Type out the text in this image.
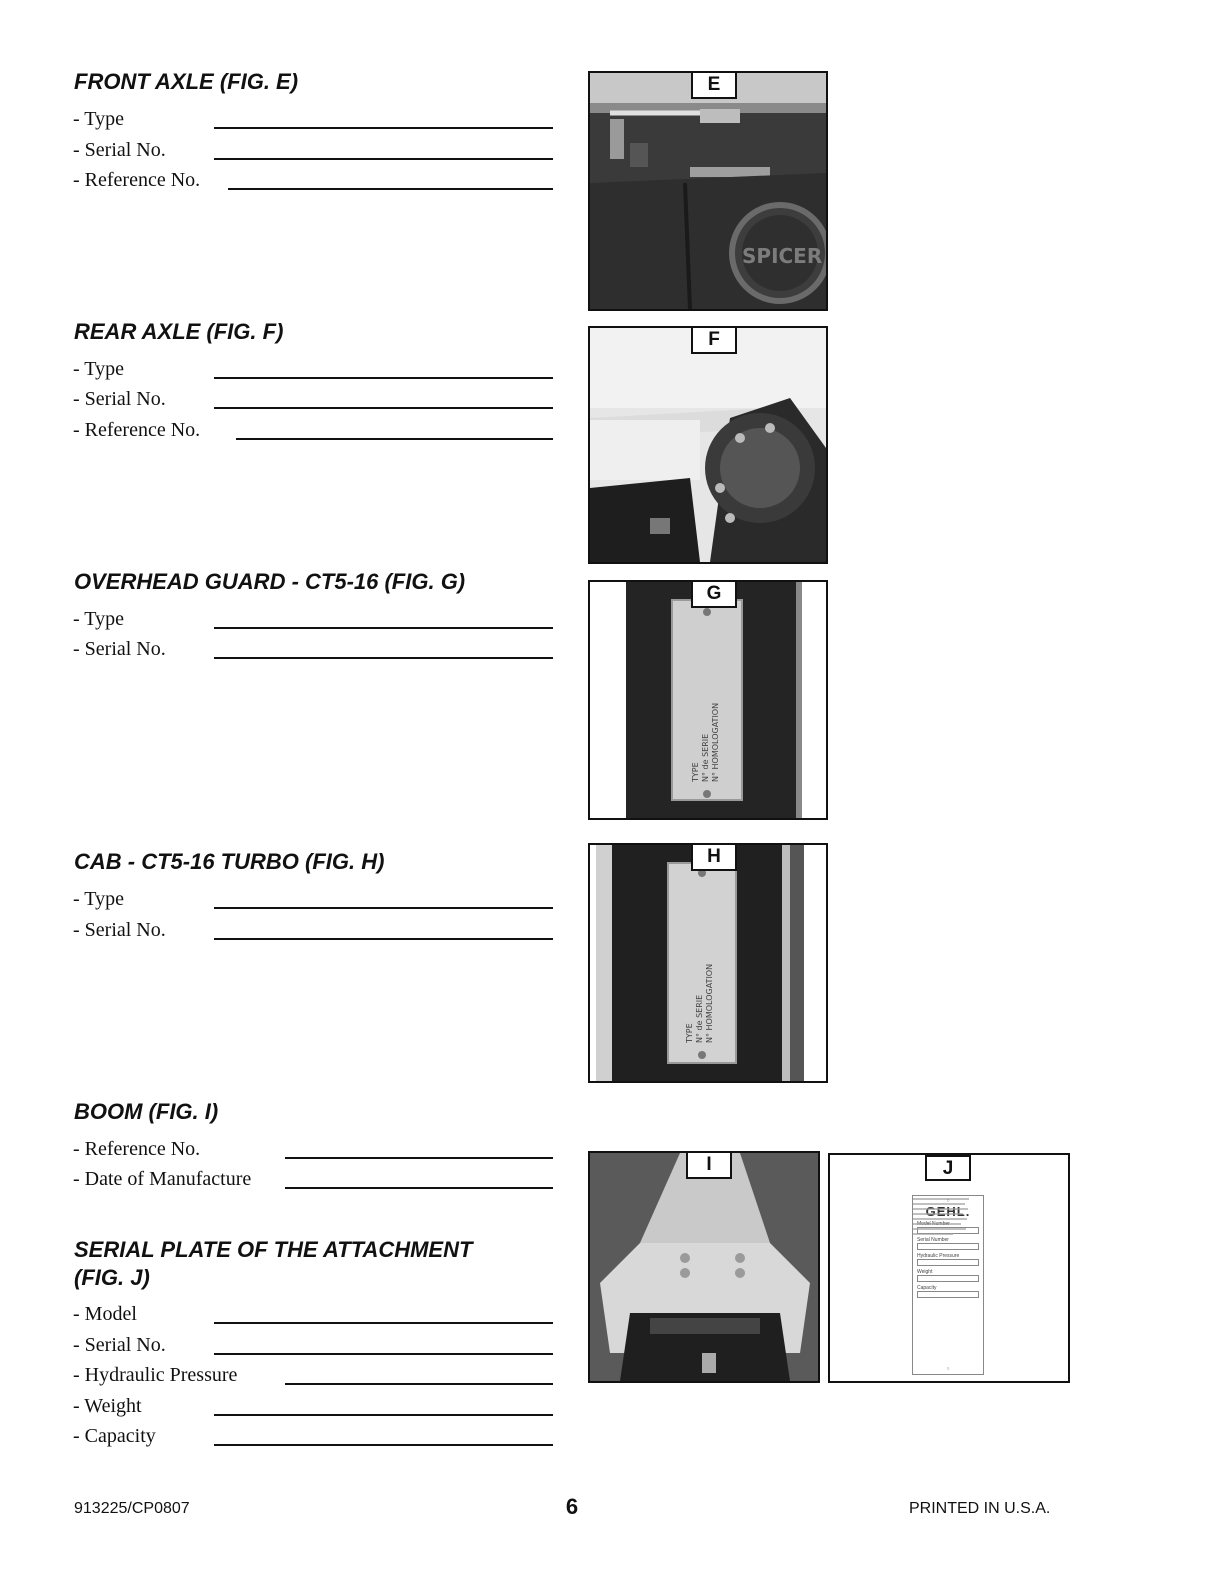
FRONT AXLE (FIG. E)
- Type
- Serial No.
- Reference No.
REAR AXLE (FIG. F)
- Type
- Serial No.
- Reference No.
OVERHEAD GUARD - CT5-16 (FIG. G)
- Type
- Serial No.
CAB - CT5-16 TURBO (FIG. H)
- Type
- Serial No.
BOOM (FIG. I)
- Reference No.
- Date of Manufacture
SERIAL PLATE OF THE ATTACHMENT
(FIG. J)
- Model
- Serial No.
- Hydraulic Pressure
- Weight
- Capacity
SPICER
E
F
TYPE N° de SERIE N° HOMOLOGATION
G
TYPE N° de SERIE N° HOMOLOGATION
H
I	J
○
GEHL.
Model Number
Serial Number
Hydraulic Pressure
Weight
Capacity
○
913225/CP0807	6	PRINTED IN U.S.A.
